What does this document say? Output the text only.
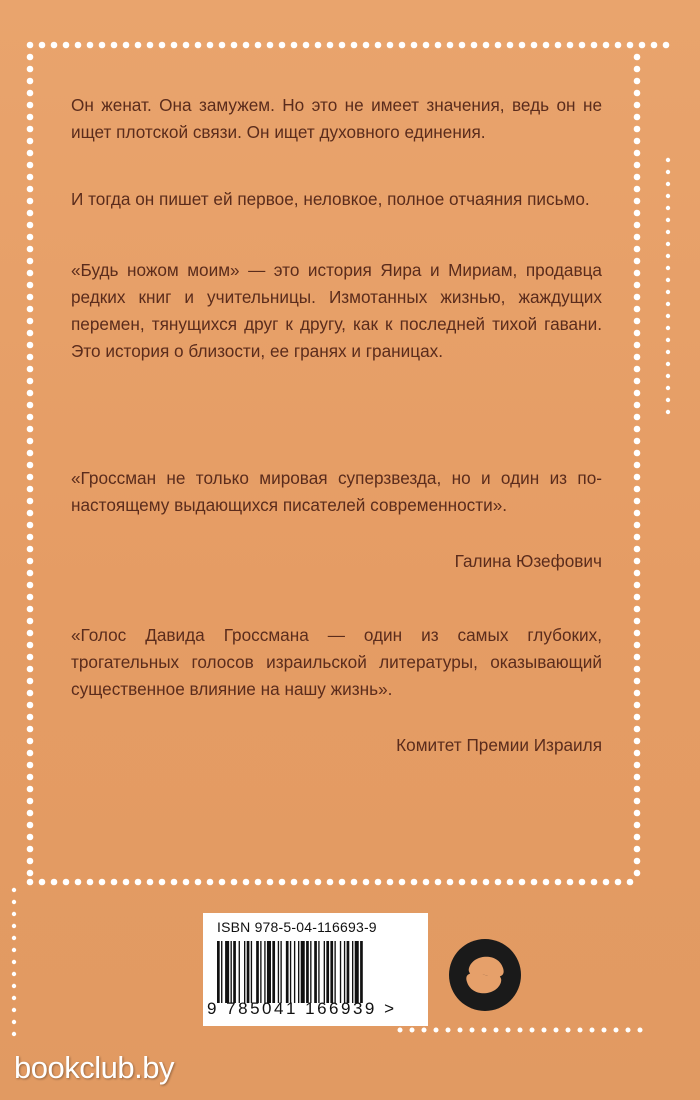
Он женат. Она замужем. Но это не имеет значения, ведь он не ищет плотской связи. Он ищет духовного единения.

И тогда он пишет ей первое, неловкое, полное отчаяния письмо.

«Будь ножом моим» — это история Яира и Мириам, продавца редких книг и учительницы. Измотанных жизнью, жаждущих перемен, тянущихся друг к другу, как к последней тихой гавани. Это история о близости, ее гранях и границах.

«Гроссман не только мировая суперзвезда, но и один из по-настоящему выдающихся писателей современности».

Галина Юзефович

«Голос Давида Гроссмана — один из самых глубоких, трогательных голосов израильской литературы, оказывающий существенное влияние на нашу жизнь».

Комитет Премии Израиля
ISBN 978-5-04-116693-9
9 785041 166939 >
bookclub.by
